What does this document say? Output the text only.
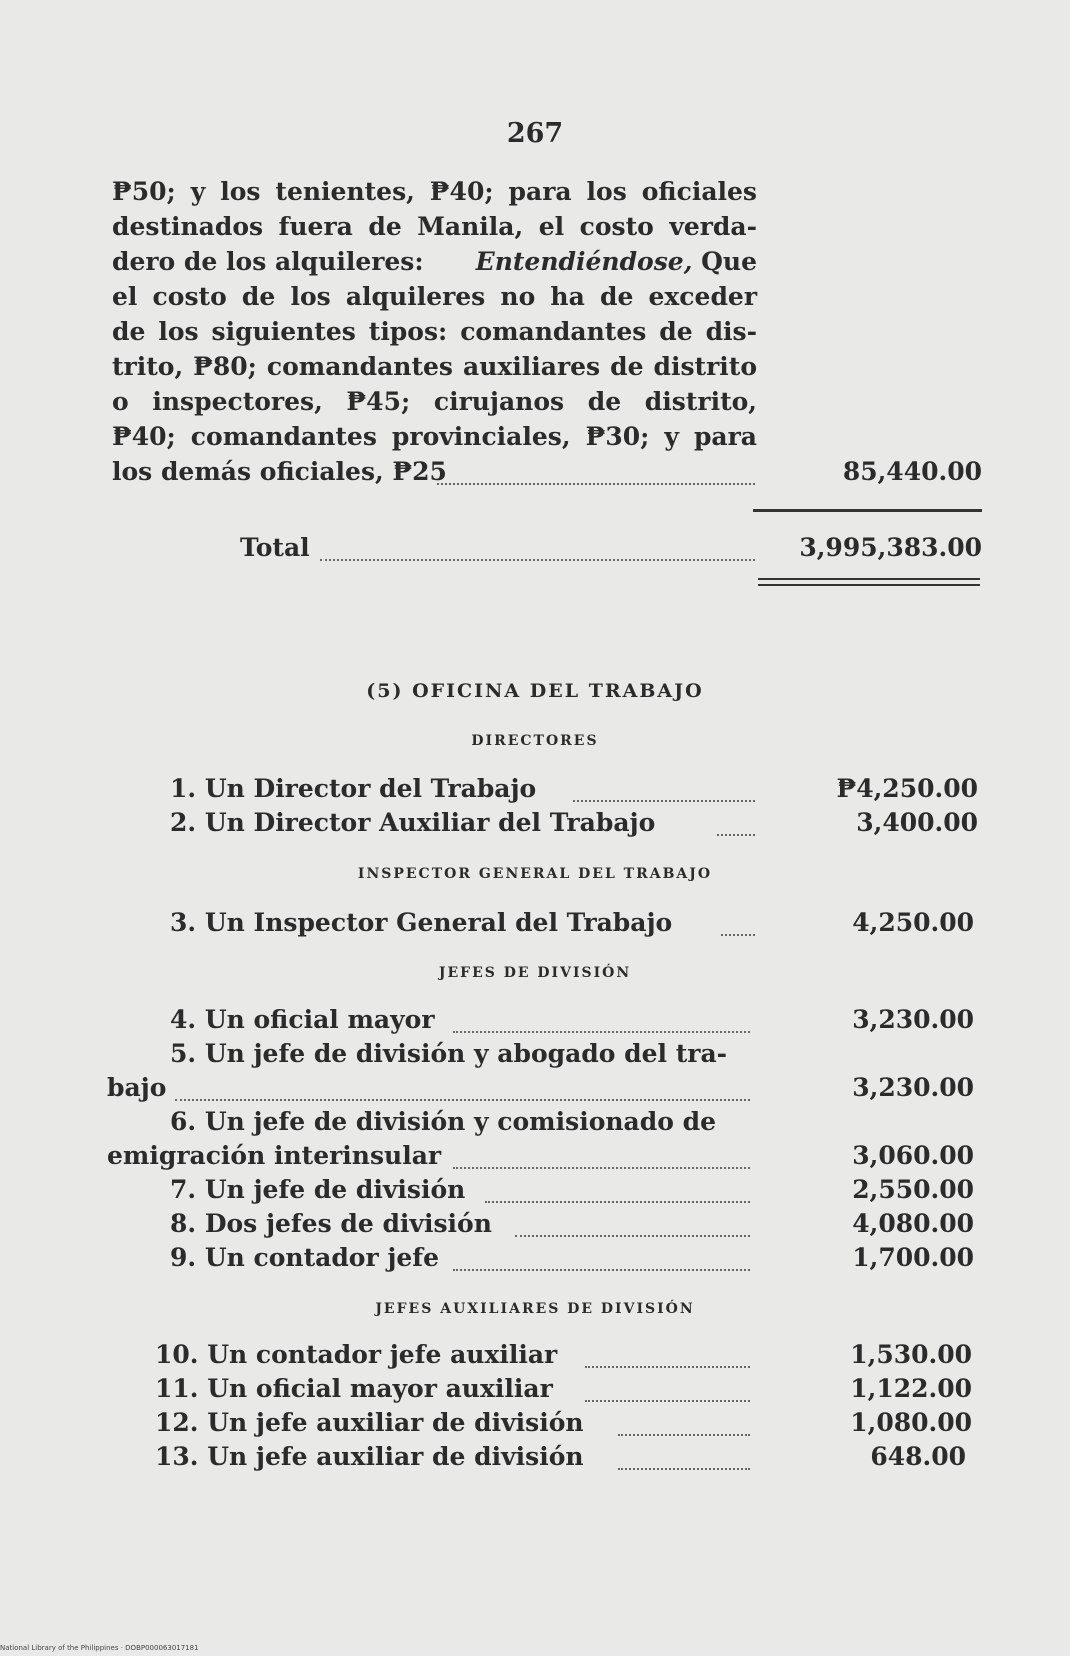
267
₱50; y los tenientes, ₱40; para los oficiales
destinados fuera de Manila, el costo verda-
dero de los alquileres: Entendiéndose, Que
el costo de los alquileres no ha de exceder
de los siguientes tipos: comandantes de dis-
trito, ₱80; comandantes auxiliares de distrito
o inspectores, ₱45; cirujanos de distrito,
₱40; comandantes provinciales, ₱30; y para
los demás oficiales, ₱25	85,440.00
Total	3,995,383.00
(5) OFICINA DEL TRABAJO
DIRECTORES
1. Un Director del Trabajo	₱4,250.00
2. Un Director Auxiliar del Trabajo	3,400.00
INSPECTOR GENERAL DEL TRABAJO
3. Un Inspector General del Trabajo	4,250.00
JEFES DE DIVISIÓN
4. Un oficial mayor	3,230.00
5. Un jefe de división y abogado del tra-
bajo	3,230.00
6. Un jefe de división y comisionado de
emigración interinsular	3,060.00
7. Un jefe de división	2,550.00
8. Dos jefes de división	4,080.00
9. Un contador jefe	1,700.00
JEFES AUXILIARES DE DIVISIÓN
10. Un contador jefe auxiliar	1,530.00
11. Un oficial mayor auxiliar	1,122.00
12. Un jefe auxiliar de división	1,080.00
13. Un jefe auxiliar de división	648.00
National Library of the Philippines · DOBP000063017181
